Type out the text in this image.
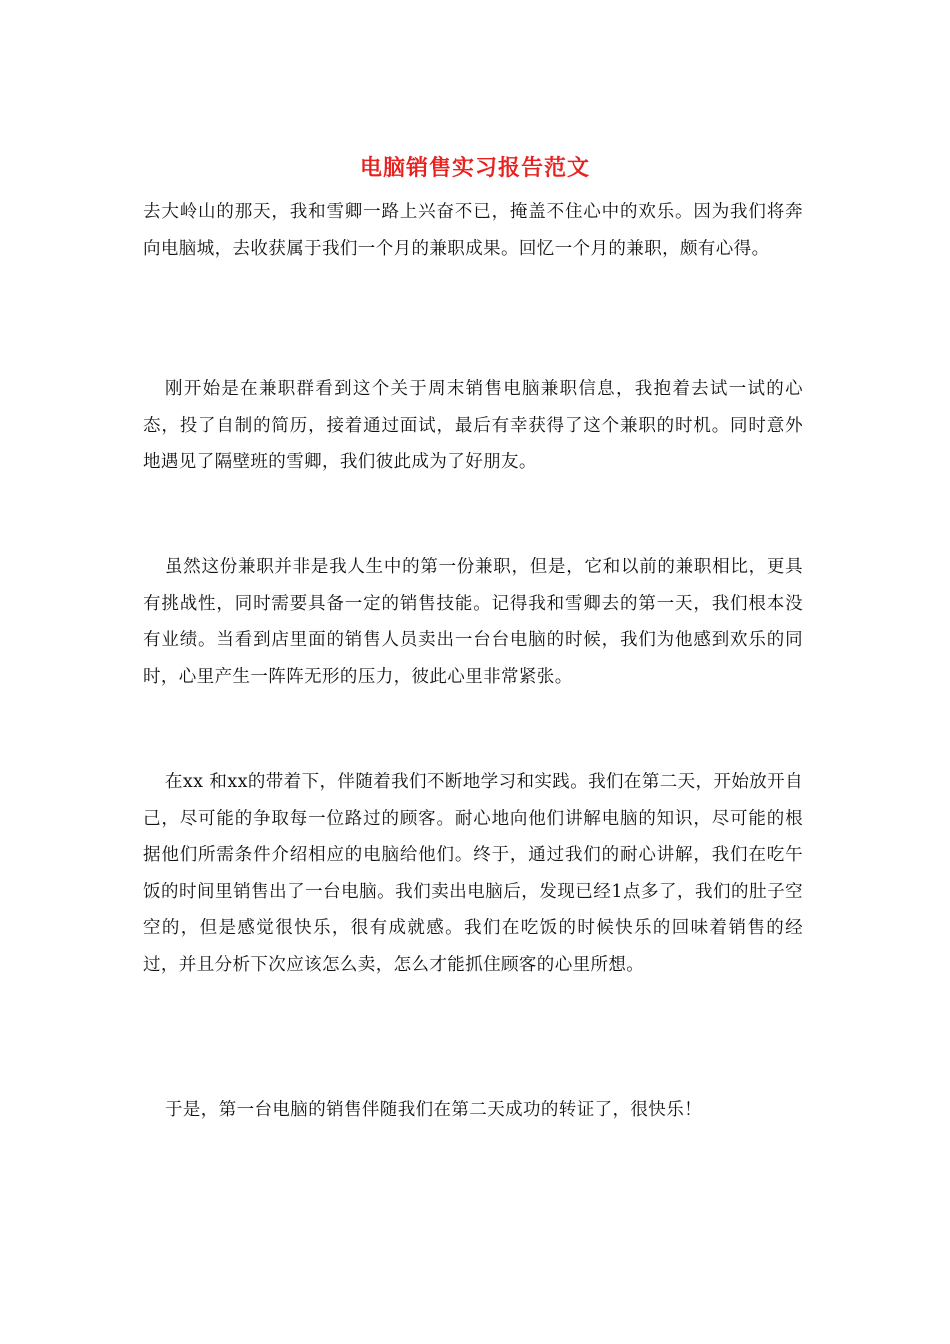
电脑销售实习报告范文

去大岭山的那天，我和雪卿一路上兴奋不已，掩盖不住心中的欢乐。因为我们将奔向电脑城，去收获属于我们一个月的兼职成果。回忆一个月的兼职，颇有心得。

刚开始是在兼职群看到这个关于周末销售电脑兼职信息，我抱着去试一试的心态，投了自制的简历，接着通过面试，最后有幸获得了这个兼职的时机。同时意外地遇见了隔壁班的雪卿，我们彼此成为了好朋友。

虽然这份兼职并非是我人生中的第一份兼职，但是，它和以前的兼职相比，更具有挑战性，同时需要具备一定的销售技能。记得我和雪卿去的第一天，我们根本没有业绩。当看到店里面的销售人员卖出一台台电脑的时候，我们为他感到欢乐的同时，心里产生一阵阵无形的压力，彼此心里非常紧张。

在xx 和xx的带着下，伴随着我们不断地学习和实践。我们在第二天，开始放开自己，尽可能的争取每一位路过的顾客。耐心地向他们讲解电脑的知识，尽可能的根据他们所需条件介绍相应的电脑给他们。终于，通过我们的耐心讲解，我们在吃午饭的时间里销售出了一台电脑。我们卖出电脑后，发现已经1点多了，我们的肚子空空的，但是感觉很快乐，很有成就感。我们在吃饭的时候快乐的回味着销售的经过，并且分析下次应该怎么卖，怎么才能抓住顾客的心里所想。

于是，第一台电脑的销售伴随我们在第二天成功的转证了，很快乐！
